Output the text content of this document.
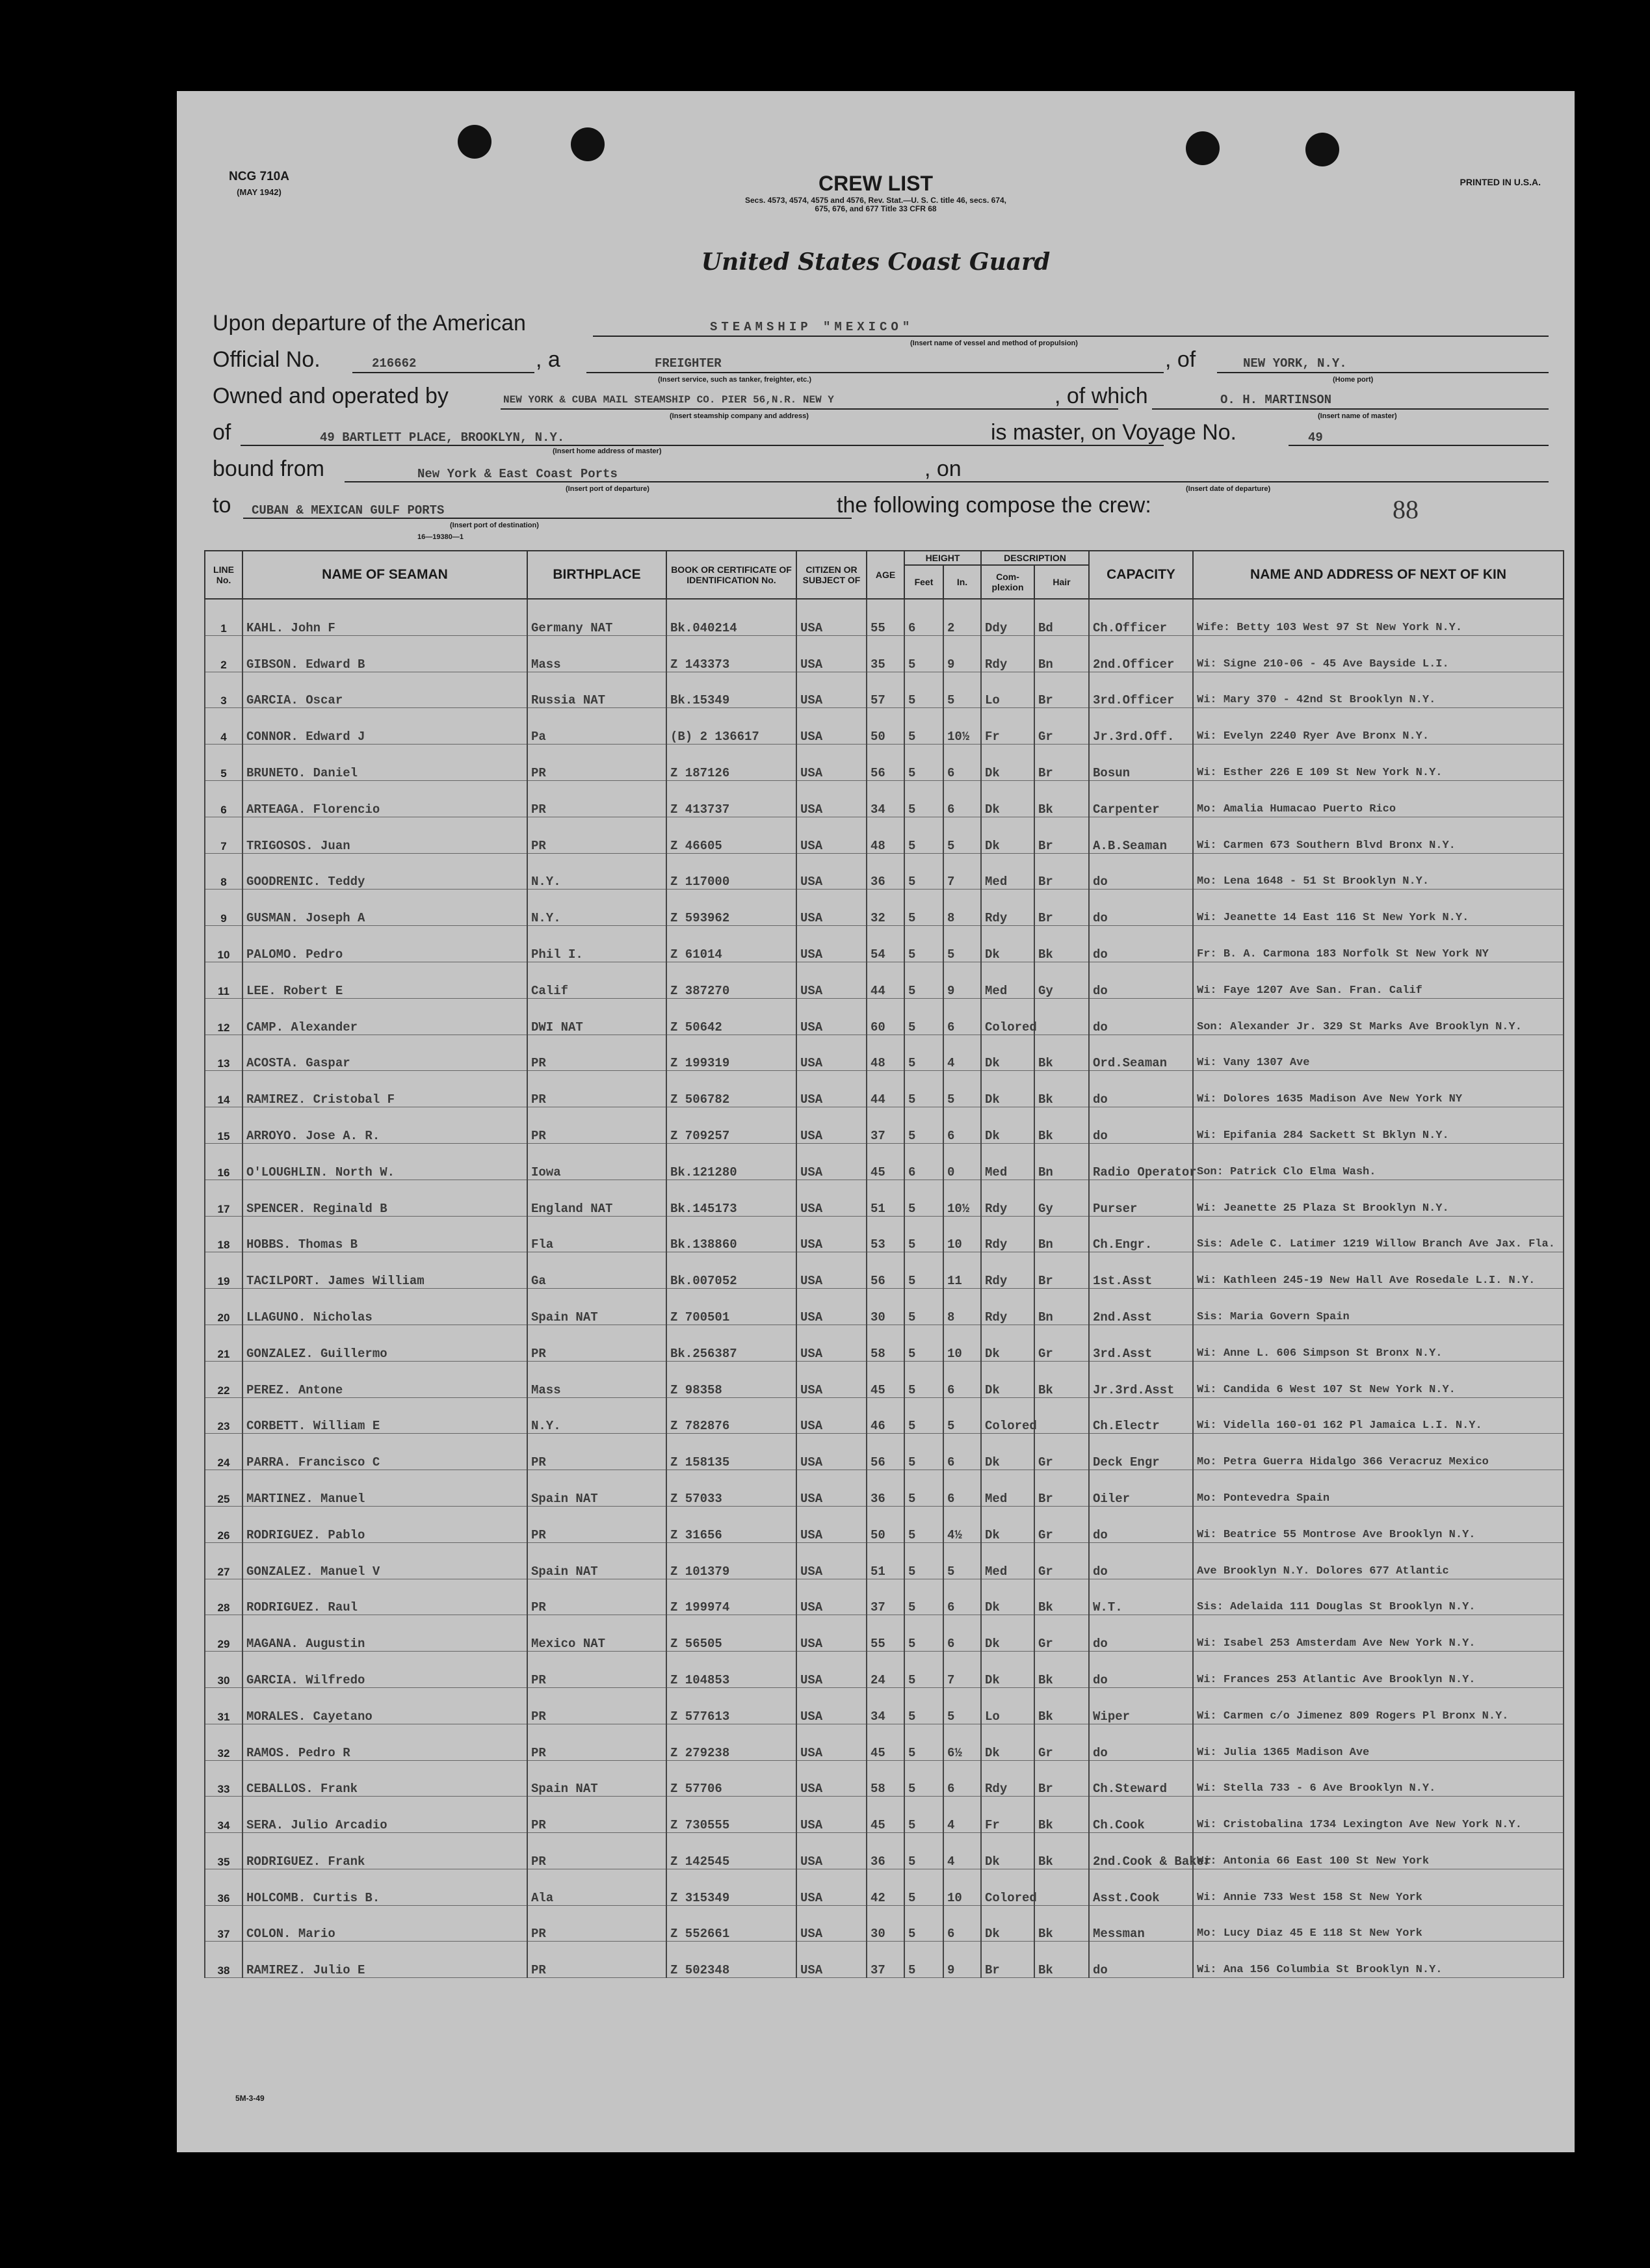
NCG 710A
(MAY 1942)
PRINTED IN U.S.A.
CREW LIST
Secs. 4573, 4574, 4575 and 4576, Rev. Stat.—U. S. C. title 46, secs. 674, 675, 676, and 677 Title 33 CFR 68
United States Coast Guard
Upon departure of the American	STEAMSHIP "MEXICO"
(Insert name of vessel and method of propulsion)
Official No.	216662	, a	FREIGHTER
(Insert service, such as tanker, freighter, etc.)
, of	NEW YORK, N.Y.
(Home port)
Owned and operated by	NEW YORK & CUBA MAIL STEAMSHIP CO. PIER 56,N.R. NEW Y
(Insert steamship company and address)
, of which	O. H. MARTINSON
(Insert name of master)
of	49 BARTLETT PLACE, BROOKLYN, N.Y.
(Insert home address of master)
is master, on Voyage No.	49
bound from	New York & East Coast Ports
(Insert port of departure)
, on
(Insert date of departure)
to CUBAN & MEXICAN GULF PORTS
(Insert port of destination)
16—19380—1
the following compose the crew:	88
LINE No.	NAME OF SEAMAN	BIRTHPLACE	BOOK OR CERTIFICATE OF IDENTIFICATION No.	CITIZEN OR SUBJECT OF	AGE	HEIGHT		DESCRIPTION		CAPACITY	NAME AND ADDRESS OF NEXT OF KIN
						Feet	In.	Com-plexion	Hair		
1	KAHL. John F	Germany NAT	Bk.040214	USA	55	6	2	Ddy	Bd	Ch.Officer	Wife: Betty 103 West 97 St New York N.Y.
2	GIBSON. Edward B	Mass	Z 143373	USA	35	5	9	Rdy	Bn	2nd.Officer	Wi: Signe 210-06 - 45 Ave Bayside L.I.
3	GARCIA. Oscar	Russia NAT	Bk.15349	USA	57	5	5	Lo	Br	3rd.Officer	Wi: Mary 370 - 42nd St Brooklyn N.Y.
4	CONNOR. Edward J	Pa	(B) 2 136617	USA	50	5	10½	Fr	Gr	Jr.3rd.Off.	Wi: Evelyn 2240 Ryer Ave Bronx N.Y.
5	BRUNETO. Daniel	PR	Z 187126	USA	56	5	6	Dk	Br	Bosun	Wi: Esther 226 E 109 St New York N.Y.
6	ARTEAGA. Florencio	PR	Z 413737	USA	34	5	6	Dk	Bk	Carpenter	Mo: Amalia Humacao Puerto Rico
7	TRIGOSOS. Juan	PR	Z 46605	USA	48	5	5	Dk	Br	A.B.Seaman	Wi: Carmen 673 Southern Blvd Bronx N.Y.
8	GOODRENIC. Teddy	N.Y.	Z 117000	USA	36	5	7	Med	Br	do	Mo: Lena 1648 - 51 St Brooklyn N.Y.
9	GUSMAN. Joseph A	N.Y.	Z 593962	USA	32	5	8	Rdy	Br	do	Wi: Jeanette 14 East 116 St New York N.Y.
10	PALOMO. Pedro	Phil I.	Z 61014	USA	54	5	5	Dk	Bk	do	Fr: B. A. Carmona 183 Norfolk St New York NY
11	LEE. Robert E	Calif	Z 387270	USA	44	5	9	Med	Gy	do	Wi: Faye 1207 Ave San. Fran. Calif
12	CAMP. Alexander	DWI NAT	Z 50642	USA	60	5	6	Colored		do	Son: Alexander Jr. 329 St Marks Ave Brooklyn N.Y.
13	ACOSTA. Gaspar	PR	Z 199319	USA	48	5	4	Dk	Bk	Ord.Seaman	Wi: Vany 1307 Ave
14	RAMIREZ. Cristobal F	PR	Z 506782	USA	44	5	5	Dk	Bk	do	Wi: Dolores 1635 Madison Ave New York NY
15	ARROYO. Jose A. R.	PR	Z 709257	USA	37	5	6	Dk	Bk	do	Wi: Epifania 284 Sackett St Bklyn N.Y.
16	O'LOUGHLIN. North W.	Iowa	Bk.121280	USA	45	6	0	Med	Bn	Radio Operator	Son: Patrick Clo Elma Wash.
17	SPENCER. Reginald B	England NAT	Bk.145173	USA	51	5	10½	Rdy	Gy	Purser	Wi: Jeanette 25 Plaza St Brooklyn N.Y.
18	HOBBS. Thomas B	Fla	Bk.138860	USA	53	5	10	Rdy	Bn	Ch.Engr.	Sis: Adele C. Latimer 1219 Willow Branch Ave Jax. Fla.
19	TACILPORT. James William	Ga	Bk.007052	USA	56	5	11	Rdy	Br	1st.Asst	Wi: Kathleen 245-19 New Hall Ave Rosedale L.I. N.Y.
20	LLAGUNO. Nicholas	Spain NAT	Z 700501	USA	30	5	8	Rdy	Bn	2nd.Asst	Sis: Maria Govern Spain
21	GONZALEZ. Guillermo	PR	Bk.256387	USA	58	5	10	Dk	Gr	3rd.Asst	Wi: Anne L. 606 Simpson St Bronx N.Y.
22	PEREZ. Antone	Mass	Z 98358	USA	45	5	6	Dk	Bk	Jr.3rd.Asst	Wi: Candida 6 West 107 St New York N.Y.
23	CORBETT. William E	N.Y.	Z 782876	USA	46	5	5	Colored		Ch.Electr	Wi: Vidella 160-01 162 Pl Jamaica L.I. N.Y.
24	PARRA. Francisco C	PR	Z 158135	USA	56	5	6	Dk	Gr	Deck Engr	Mo: Petra Guerra Hidalgo 366 Veracruz Mexico
25	MARTINEZ. Manuel	Spain NAT	Z 57033	USA	36	5	6	Med	Br	Oiler	Mo: Pontevedra Spain
26	RODRIGUEZ. Pablo	PR	Z 31656	USA	50	5	4½	Dk	Gr	do	Wi: Beatrice 55 Montrose Ave Brooklyn N.Y.
27	GONZALEZ. Manuel V	Spain NAT	Z 101379	USA	51	5	5	Med	Gr	do	Ave Brooklyn N.Y. Dolores 677 Atlantic
28	RODRIGUEZ. Raul	PR	Z 199974	USA	37	5	6	Dk	Bk	W.T.	Sis: Adelaida 111 Douglas St Brooklyn N.Y.
29	MAGANA. Augustin	Mexico NAT	Z 56505	USA	55	5	6	Dk	Gr	do	Wi: Isabel 253 Amsterdam Ave New York N.Y.
30	GARCIA. Wilfredo	PR	Z 104853	USA	24	5	7	Dk	Bk	do	Wi: Frances 253 Atlantic Ave Brooklyn N.Y.
31	MORALES. Cayetano	PR	Z 577613	USA	34	5	5	Lo	Bk	Wiper	Wi: Carmen c/o Jimenez 809 Rogers Pl Bronx N.Y.
32	RAMOS. Pedro R	PR	Z 279238	USA	45	5	6½	Dk	Gr	do	Wi: Julia 1365 Madison Ave
33	CEBALLOS. Frank	Spain NAT	Z 57706	USA	58	5	6	Rdy	Br	Ch.Steward	Wi: Stella 733 - 6 Ave Brooklyn N.Y.
34	SERA. Julio Arcadio	PR	Z 730555	USA	45	5	4	Fr	Bk	Ch.Cook	Wi: Cristobalina 1734 Lexington Ave New York N.Y.
35	RODRIGUEZ. Frank	PR	Z 142545	USA	36	5	4	Dk	Bk	2nd.Cook & Baker	Wi: Antonia 66 East 100 St New York
36	HOLCOMB. Curtis B.	Ala	Z 315349	USA	42	5	10	Colored		Asst.Cook	Wi: Annie 733 West 158 St New York
37	COLON. Mario	PR	Z 552661	USA	30	5	6	Dk	Bk	Messman	Mo: Lucy Diaz 45 E 118 St New York
38	RAMIREZ. Julio E	PR	Z 502348	USA	37	5	9	Br	Bk	do	Wi: Ana 156 Columbia St Brooklyn N.Y.
5M-3-49
